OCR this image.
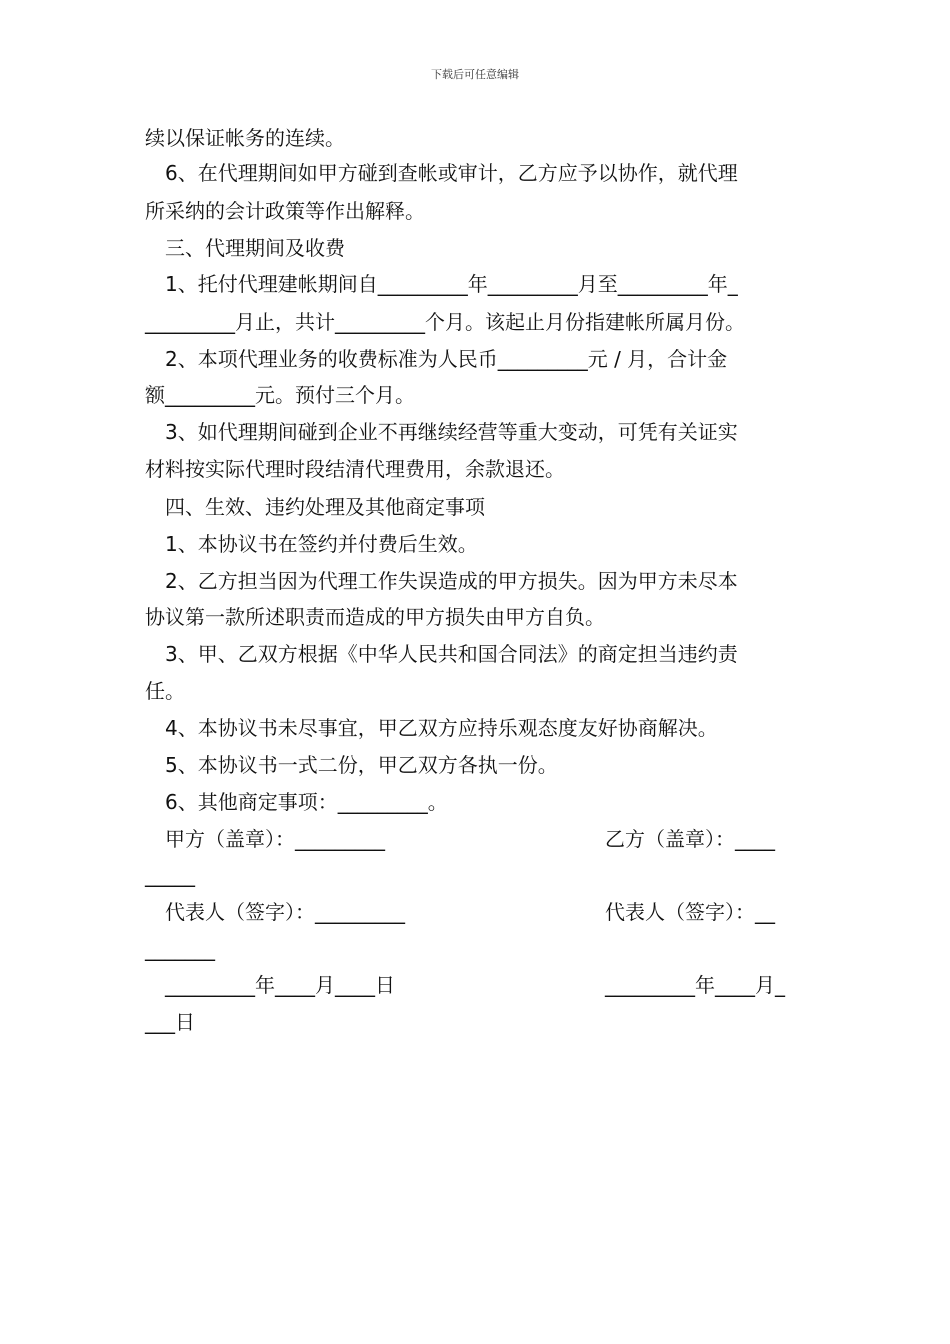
下载后可任意编辑
续以保证帐务的连续。
6、在代理期间如甲方碰到查帐或审计，乙方应予以协作，就代理
所采纳的会计政策等作出解释。
三、代理期间及收费
1、托付代理建帐期间自_________年_________月至_________年_
_________月止，共计_________个月。该起止月份指建帐所属月份。
2、本项代理业务的收费标准为人民币_________元 / 月，合计金
额_________元。预付三个月。
3、如代理期间碰到企业不再继续经营等重大变动，可凭有关证实
材料按实际代理时段结清代理费用，余款退还。
四、生效、违约处理及其他商定事项
1、本协议书在签约并付费后生效。
2、乙方担当因为代理工作失误造成的甲方损失。因为甲方未尽本
协议第一款所述职责而造成的甲方损失由甲方自负。
3、甲、乙双方根据《中华人民共和国合同法》的商定担当违约责
任。
4、本协议书未尽事宜，甲乙双方应持乐观态度友好协商解决。
5、本协议书一式二份，甲乙双方各执一份。
6、其他商定事项：_________。
甲方（盖章）：_________	乙方（盖章）：____
_____
代表人（签字）：_________	代表人（签字）：__
_______
_________年____月____日	_________年____月_
___日
